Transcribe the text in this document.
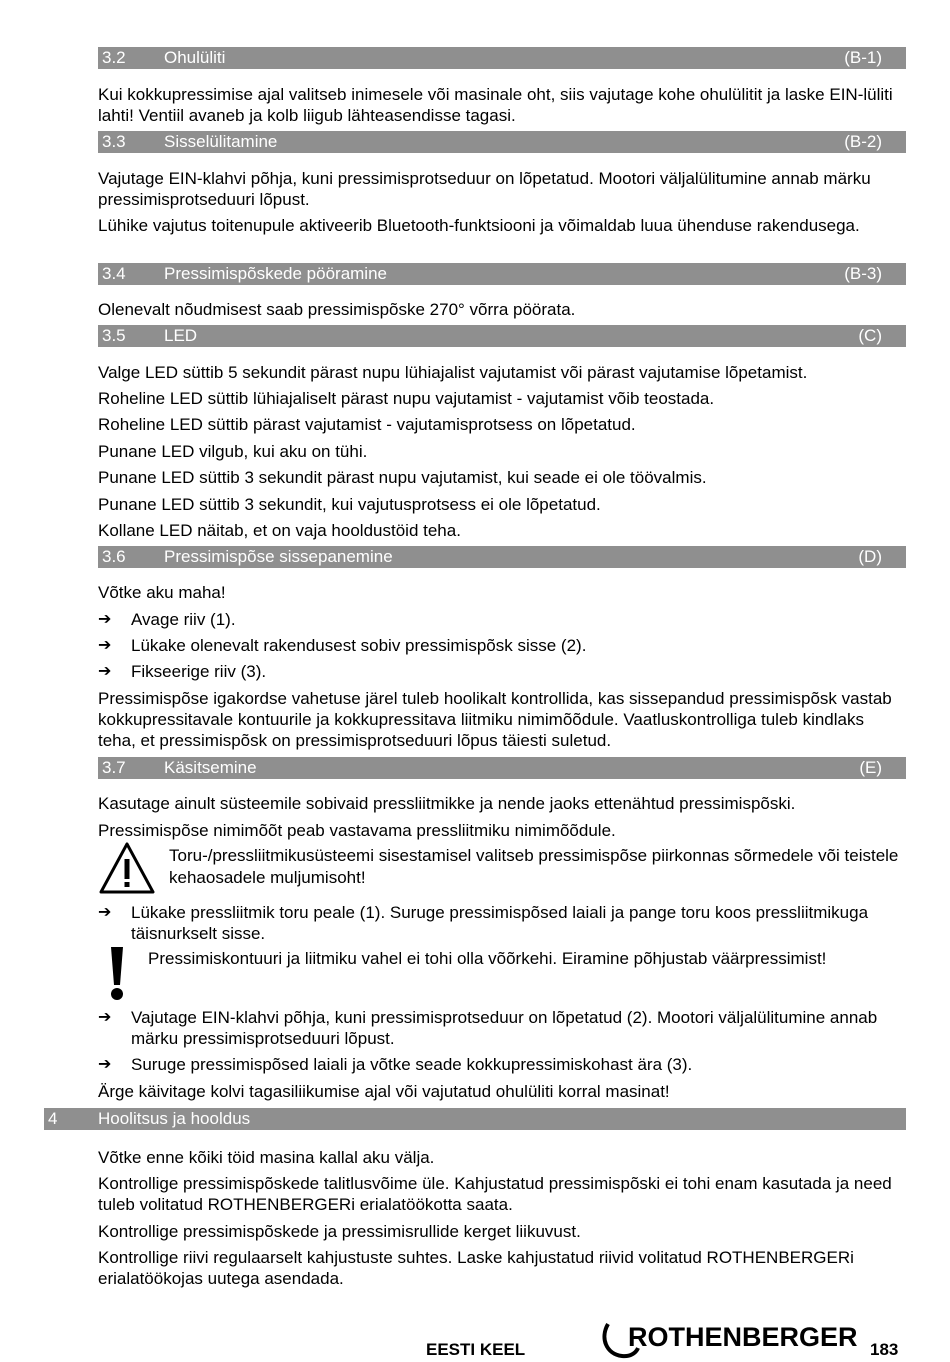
3.2 Ohulüliti	(B-1)

Kui kokkupressimise ajal valitseb inimesele või masinale oht, siis vajutage kohe ohulülitit ja laske EIN-lüliti lahti! Ventiil avaneb ja kolb liigub lähteasendisse tagasi.

3.3 Sisselülitamine	(B-2)

Vajutage EIN-klahvi põhja, kuni pressimisprotseduur on lõpetatud. Mootori väljalülitumine annab märku pressimisprotseduuri lõpust.

Lühike vajutus toitenupule aktiveerib Bluetooth-funktsiooni ja võimaldab luua ühenduse rakendusega.

3.4 Pressimispõskede pööramine	(B-3)

Olenevalt nõudmisest saab pressimispõske 270° võrra pöörata.

3.5 LED	(C)

Valge LED süttib 5 sekundit pärast nupu lühiajalist vajutamist või pärast vajutamise lõpetamist.

Roheline LED süttib lühiajaliselt pärast nupu vajutamist - vajutamist võib teostada.

Roheline LED süttib pärast vajutamist - vajutamisprotsess on lõpetatud.

Punane LED vilgub, kui aku on tühi.

Punane LED süttib 3 sekundit pärast nupu vajutamist, kui seade ei ole töövalmis.

Punane LED süttib 3 sekundit, kui vajutusprotsess ei ole lõpetatud.

Kollane LED näitab, et on vaja hooldustöid teha.

3.6 Pressimispõse sissepanemine	(D)

Võtke aku maha!

➔ Avage riiv (1).

➔ Lükake olenevalt rakendusest sobiv pressimispõsk sisse (2).

➔ Fikseerige riiv (3).

Pressimispõse igakordse vahetuse järel tuleb hoolikalt kontrollida, kas sissepandud pressimispõsk vastab kokkupressitavale kontuurile ja kokkupressitava liitmiku nimimõõdule. Vaatluskontrolliga tuleb kindlaks teha, et pressimispõsk on pressimisprotseduuri lõpus täiesti suletud.

3.7 Käsitsemine	(E)

Kasutage ainult süsteemile sobivaid pressliitmikke ja nende jaoks ettenähtud pressimispõski.

Pressimispõse nimimõõt peab vastavama pressliitmiku nimimõõdule.

Toru-/pressliitmikusüsteemi sisestamisel valitseb pressimispõse piirkonnas sõrmedele või teistele kehaosadele muljumisoht!

➔ Lükake pressliitmik toru peale (1). Suruge pressimispõsed laiali ja pange toru koos pressliitmikuga täisnurkselt sisse.

Pressimiskontuuri ja liitmiku vahel ei tohi olla võõrkehi. Eiramine põhjustab väärpressimist!

➔ Vajutage EIN-klahvi põhja, kuni pressimisprotseduur on lõpetatud (2). Mootori väljalülitumine annab märku pressimisprotseduuri lõpust.

➔ Suruge pressimispõsed laiali ja võtke seade kokkupressimiskohast ära (3).

Ärge käivitage kolvi tagasiliikumise ajal või vajutatud ohulüliti korral masinat!

4 Hoolitsus ja hooldus

Võtke enne kõiki töid masina kallal aku välja.

Kontrollige pressimispõskede talitlusvõime üle. Kahjustatud pressimispõski ei tohi enam kasutada ja need tuleb volitatud ROTHENBERGERi erialatöökotta saata.

Kontrollige pressimispõskede ja pressimisrullide kerget liikuvust.

Kontrollige riivi regulaarselt kahjustuste suhtes. Laske kahjustatud riivid volitatud ROTHENBERGERi erialatöökojas uutega asendada.

EESTI KEEL	ROTHENBERGER 183
